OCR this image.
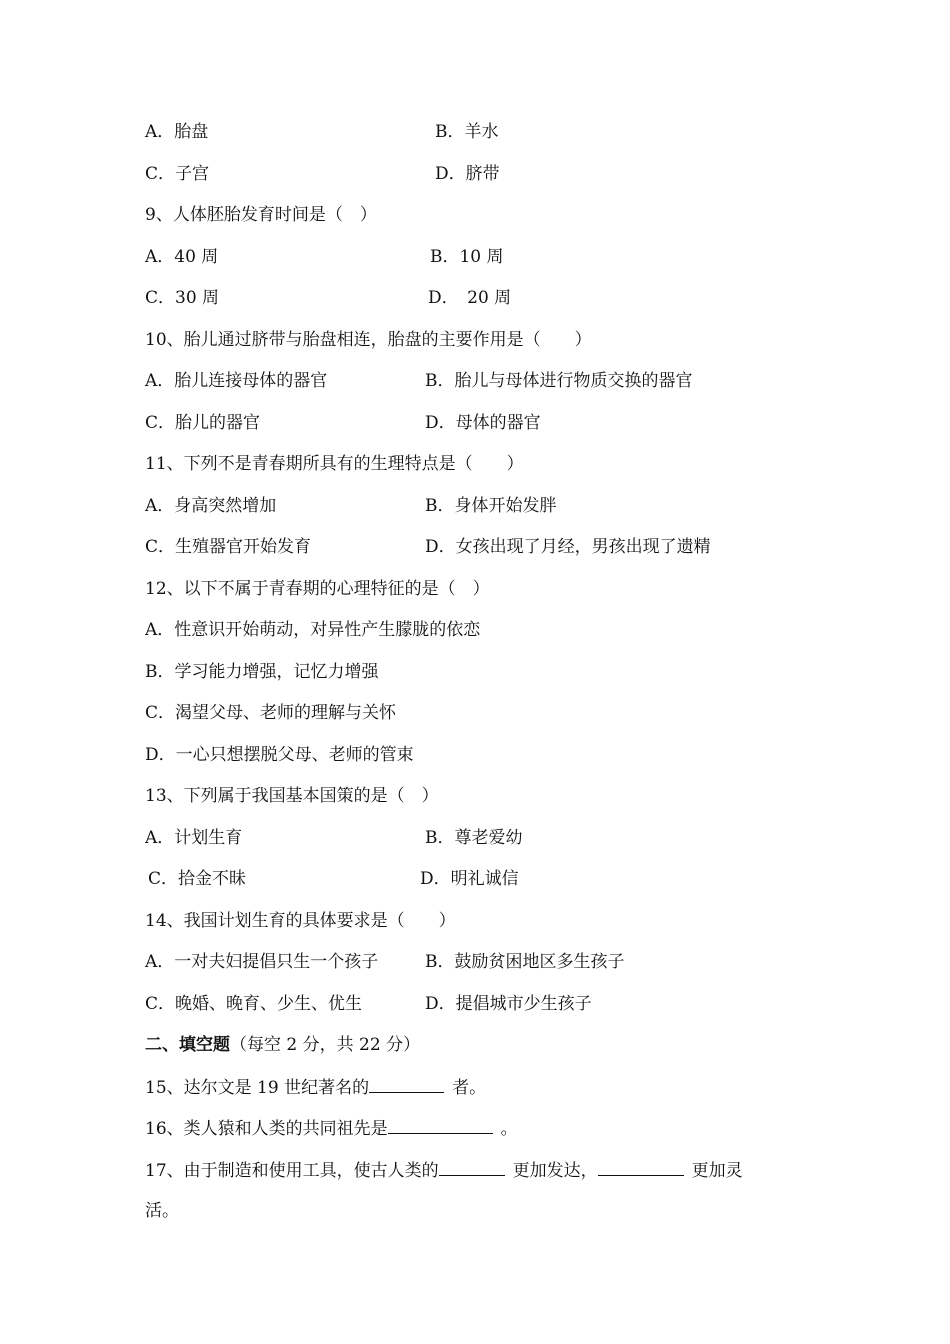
A．胎盘	B．羊水
C．子宫	D．脐带
9、人体胚胎发育时间是（　）
A．40 周	B．10 周
C．30 周	D．　20 周
10、胎儿通过脐带与胎盘相连，胎盘的主要作用是（　　）
A．胎儿连接母体的器官	B．胎儿与母体进行物质交换的器官
C．胎儿的器官	D．母体的器官
11、下列不是青春期所具有的生理特点是（　　）
A．身高突然增加	B．身体开始发胖
C．生殖器官开始发育	D．女孩出现了月经，男孩出现了遗精
12、以下不属于青春期的心理特征的是（　）
A．性意识开始萌动，对异性产生朦胧的依恋
B．学习能力增强，记忆力增强
C．渴望父母、老师的理解与关怀
D．一心只想摆脱父母、老师的管束
13、下列属于我国基本国策的是（　）
A．计划生育	B．尊老爱幼
C．拾金不昧	D．明礼诚信
14、我国计划生育的具体要求是（　　）
A．一对夫妇提倡只生一个孩子	B．鼓励贫困地区多生孩子
C．晚婚、晚育、少生、优生	D．提倡城市少生孩子
二、填空题（每空 2 分，共 22 分）
15、达尔文是 19 世纪著名的	者。
16、类人猿和人类的共同祖先是	。
17、由于制造和使用工具，使古人类的	更加发达，	更加灵
活。
